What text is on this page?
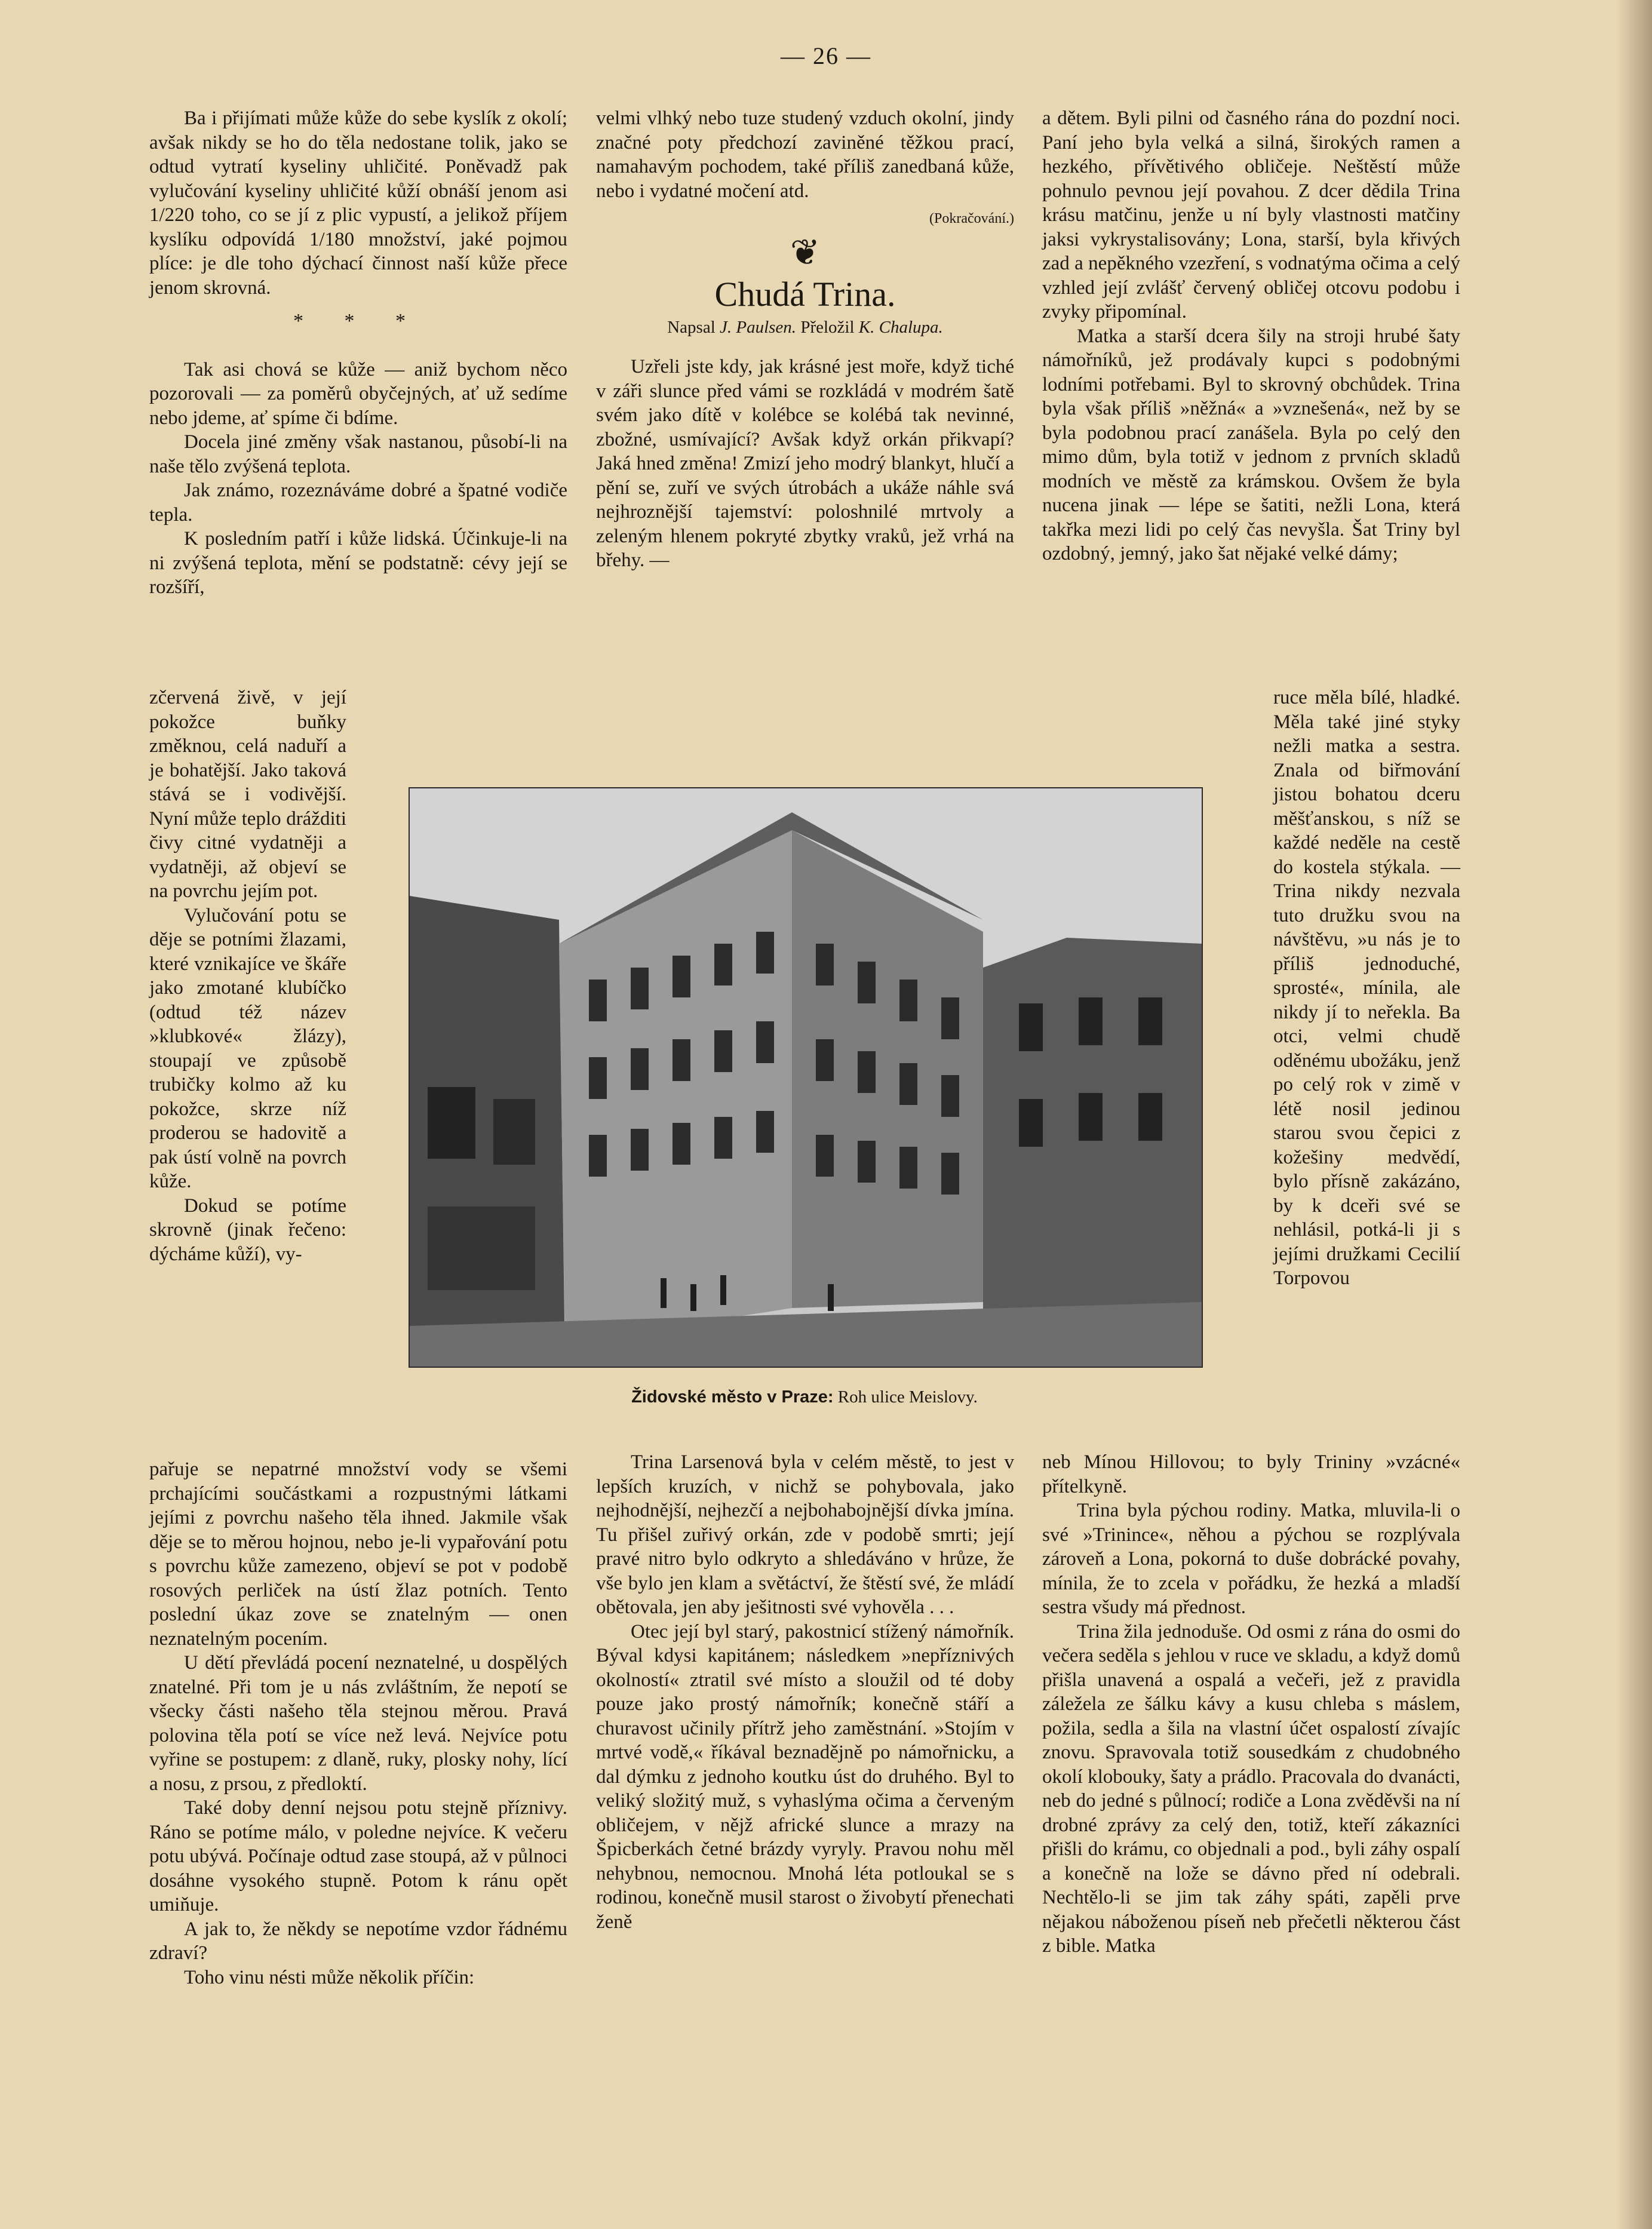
— 26 —

Ba i přijímati může kůže do sebe kyslík z okolí; avšak nikdy se ho do těla nedostane tolik, jako se odtud vytratí kyseliny uhličité. Poněvadž pak vylučování kyseliny uhličité kůží obnáší jenom asi 1/220 toho, co se jí z plic vypustí, a jelikož příjem kyslíku odpovídá 1/180 množství, jaké pojmou plíce: je dle toho dýchací činnost naší kůže přece jenom skrovná.

* * *

Tak asi chová se kůže — aniž bychom něco pozorovali — za poměrů obyčejných, ať už sedíme nebo jdeme, ať spíme či bdíme.

Docela jiné změny však nastanou, působí-li na naše tělo zvýšená teplota.

Jak známo, rozeznáváme dobré a špatné vodiče tepla.

K posledním patří i kůže lidská. Účinkuje-li na ni zvýšená teplota, mění se podstatně: cévy její se rozšíří,

zčervená živě, v její pokožce buňky změknou, celá naduří a je bohatější. Jako taková stává se i vodivější. Nyní může teplo drážditi čivy citné vydatněji a vydatněji, až objeví se na povrchu jejím pot.

Vylučování potu se děje se potními žlazami, které vznikajíce ve škáře jako zmotané klubíčko (odtud též název »klubkové« žlázy), stoupají ve způsobě trubičky kolmo až ku pokožce, skrze níž proderou se hadovitě a pak ústí volně na povrch kůže.

Dokud se potíme skrovně (jinak řečeno: dýcháme kůží), vy-

pařuje se nepatrné množství vody se všemi prchajícími součástkami a rozpustnými látkami jejími z povrchu našeho těla ihned. Jakmile však děje se to měrou hojnou, nebo je-li vypařování potu s povrchu kůže zamezeno, objeví se pot v podobě rosových perliček na ústí žlaz potních. Tento poslední úkaz zove se znatelným — onen neznatelným pocením.

U dětí převládá pocení neznatelné, u dospělých znatelné. Při tom je u nás zvláštním, že nepotí se všecky části našeho těla stejnou měrou. Pravá polovina těla potí se více než levá. Nejvíce potu vyřine se postupem: z dlaně, ruky, plosky nohy, lící a nosu, z prsou, z předloktí.

Také doby denní nejsou potu stejně příznivy. Ráno se potíme málo, v poledne nejvíce. K večeru potu ubývá. Počínaje odtud zase stoupá, až v půlnoci dosáhne vysokého stupně. Potom k ránu opět umiňuje.

A jak to, že někdy se nepotíme vzdor řádnému zdraví?

Toho vinu nésti může několik příčin:

velmi vlhký nebo tuze studený vzduch okolní, jindy značné poty předchozí zaviněné těžkou prací, namahavým pochodem, také příliš zanedbaná kůže, nebo i vydatné močení atd.

(Pokračování.)
❦
Chudá Trina.
Napsal J. Paulsen. Přeložil K. Chalupa.

Uzřeli jste kdy, jak krásné jest moře, když tiché v záři slunce před vámi se rozkládá v modrém šatě svém jako dítě v kolébce se kolébá tak nevinné, zbožné, usmívající? Avšak když orkán přikvapí? Jaká hned změna! Zmizí jeho modrý blankyt, hlučí a pění se, zuří ve svých útrobách a ukáže náhle svá nejhroznější tajemství: poloshnilé mrtvoly a zeleným hlenem pokryté zbytky vraků, jež vrhá na břehy. —

Židovské město v Praze: Roh ulice Meislovy.

Trina Larsenová byla v celém městě, to jest v lepších kruzích, v nichž se pohybovala, jako nejhodnější, nejhezčí a nejbohabojnější dívka jmína. Tu přišel zuřivý orkán, zde v podobě smrti; její pravé nitro bylo odkryto a shledáváno v hrůze, že vše bylo jen klam a světáctví, že štěstí své, že mládí obětovala, jen aby ješitnosti své vyhověla . . .

Otec její byl starý, pakostnicí stížený námořník. Býval kdysi kapitánem; následkem »nepříznivých okolností« ztratil své místo a sloužil od té doby pouze jako prostý námořník; konečně stáří a churavost učinily přítrž jeho zaměstnání. »Stojím v mrtvé vodě,« říkával beznadějně po námořnicku, a dal dýmku z jednoho koutku úst do druhého. Byl to veliký složitý muž, s vyhaslýma očima a červeným obličejem, v nějž africké slunce a mrazy na Špicberkách četné brázdy vyryly. Pravou nohu měl nehybnou, nemocnou. Mnohá léta potloukal se s rodinou, konečně musil starost o živobytí přenechati ženě

a dětem. Byli pilni od časného rána do pozdní noci. Paní jeho byla velká a silná, širokých ramen a hezkého, přívětivého obličeje. Neštěstí může pohnulo pevnou její povahou. Z dcer dědila Trina krásu matčinu, jenže u ní byly vlastnosti matčiny jaksi vykrystalisovány; Lona, starší, byla křivých zad a nepěkného vzezření, s vodnatýma očima a celý vzhled její zvlášť červený obličej otcovu podobu i zvyky připomínal.

Matka a starší dcera šily na stroji hrubé šaty námořníků, jež prodávaly kupci s podobnými lodními potřebami. Byl to skrovný obchůdek. Trina byla však příliš »něžná« a »vznešená«, než by se byla podobnou prací zanášela. Byla po celý den mimo dům, byla totiž v jednom z prvních skladů modních ve městě za krámskou. Ovšem že byla nucena jinak — lépe se šatiti, nežli Lona, která takřka mezi lidi po celý čas nevyšla. Šat Triny byl ozdobný, jemný, jako šat nějaké velké dámy;

ruce měla bílé, hladké. Měla také jiné styky nežli matka a sestra. Znala od biřmování jistou bohatou dceru měšťanskou, s níž se každé neděle na cestě do kostela stýkala. — Trina nikdy nezvala tuto družku svou na návštěvu, »u nás je to příliš jednoduché, sprosté«, mínila, ale nikdy jí to neřekla. Ba otci, velmi chudě oděnému ubožáku, jenž po celý rok v zimě v létě nosil jedinou starou svou čepici z kožešiny medvědí, bylo přísně zakázáno, by k dceři své se nehlásil, potká-li ji s jejími družkami Cecilií Torpovou

neb Mínou Hillovou; to byly Trininy »vzácné« přítelkyně.

Trina byla pýchou rodiny. Matka, mluvila-li o své »Trinince«, něhou a pýchou se rozplývala zároveň a Lona, pokorná to duše dobrácké povahy, mínila, že to zcela v pořádku, že hezká a mladší sestra všudy má přednost.

Trina žila jednoduše. Od osmi z rána do osmi do večera seděla s jehlou v ruce ve skladu, a když domů přišla unavená a ospalá a večeři, jež z pravidla záležela ze šálku kávy a kusu chleba s máslem, požila, sedla a šila na vlastní účet ospalostí zívajíc znovu. Spravovala totiž sousedkám z chudobného okolí klobouky, šaty a prádlo. Pracovala do dvanácti, neb do jedné s půlnocí; rodiče a Lona zvěděvši na ní drobné zprávy za celý den, totiž, kteří zákazníci přišli do krámu, co objednali a pod., byli záhy ospalí a konečně na lože se dávno před ní odebrali. Nechtělo-li se jim tak záhy spáti, zapěli prve nějakou náboženou píseň neb přečetli některou část z bible. Matka
